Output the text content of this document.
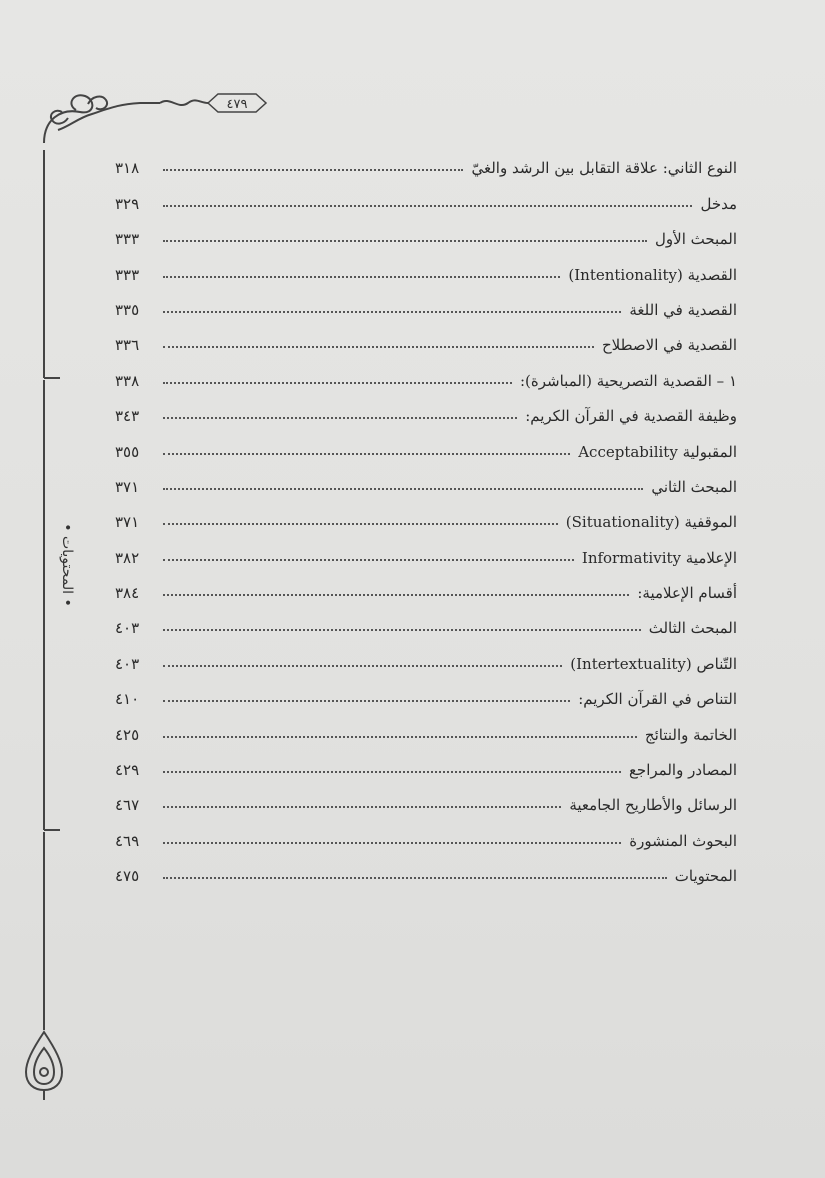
٤٧٩
• المحتويات •
النوع الثاني: علاقة التقابل بين الرشد والغيّ
٣١٨
مدخل
٣٢٩
المبحث الأول
٣٣٣
القصدية (Intentionality)
٣٣٣
القصدية في اللغة
٣٣٥
القصدية في الاصطلاح
٣٣٦
١ – القصدية التصريحية (المباشرة):
٣٣٨
وظيفة القصدية في القرآن الكريم:
٣٤٣
المقبولية Acceptability
٣٥٥
المبحث الثاني
٣٧١
الموقفية (Situationality)
٣٧١
الإعلامية Informativity
٣٨٢
أقسام الإعلامية:
٣٨٤
المبحث الثالث
٤٠٣
التّناص (Intertextuality)
٤٠٣
التناص في القرآن الكريم:
٤١٠
الخاتمة والنتائج
٤٢٥
المصادر والمراجع
٤٢٩
الرسائل والأطاريح الجامعية
٤٦٧
البحوث المنشورة
٤٦٩
المحتويات
٤٧٥
